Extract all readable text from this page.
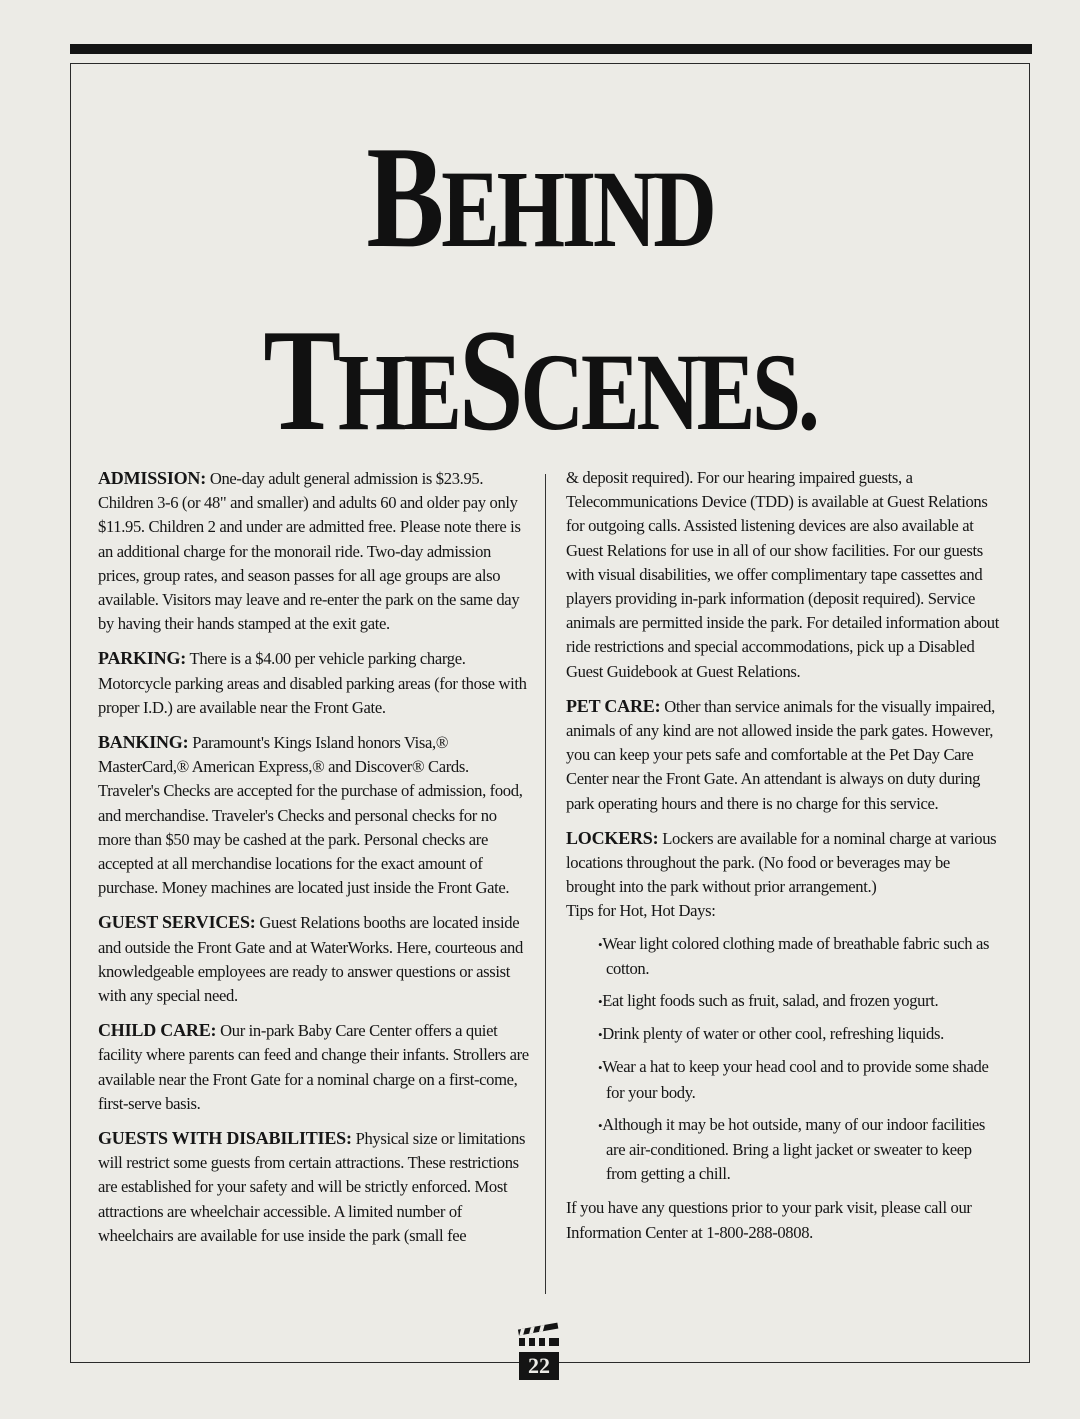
BEHIND
THESCENES.

ADMISSION: One-day adult general admission is $23.95. Children 3-6 (or 48" and smaller) and adults 60 and older pay only $11.95. Children 2 and under are admitted free. Please note there is an additional charge for the monorail ride. Two-day admission prices, group rates, and season passes for all age groups are also available. Visitors may leave and re-enter the park on the same day by having their hands stamped at the exit gate.

PARKING: There is a $4.00 per vehicle parking charge. Motorcycle parking areas and disabled parking areas (for those with proper I.D.) are available near the Front Gate.

BANKING: Paramount's Kings Island honors Visa,® MasterCard,® American Express,® and Discover® Cards. Traveler's Checks are accepted for the purchase of admission, food, and merchandise. Traveler's Checks and personal checks for no more than $50 may be cashed at the park. Personal checks are accepted at all merchandise locations for the exact amount of purchase. Money machines are located just inside the Front Gate.

GUEST SERVICES: Guest Relations booths are located inside and outside the Front Gate and at WaterWorks. Here, courteous and knowledgeable employees are ready to answer questions or assist with any special need.

CHILD CARE: Our in-park Baby Care Center offers a quiet facility where parents can feed and change their infants. Strollers are available near the Front Gate for a nominal charge on a first-come, first-serve basis.

GUESTS WITH DISABILITIES: Physical size or limitations will restrict some guests from certain attractions. These restrictions are established for your safety and will be strictly enforced. Most attractions are wheelchair accessible. A limited number of wheelchairs are available for use inside the park (small fee

& deposit required). For our hearing impaired guests, a Telecommunications Device (TDD) is available at Guest Relations for outgoing calls. Assisted listening devices are also available at Guest Relations for use in all of our show facilities. For our guests with visual disabilities, we offer complimentary tape cassettes and players providing in-park information (deposit required). Service animals are permitted inside the park. For detailed information about ride restrictions and special accommodations, pick up a Disabled Guest Guidebook at Guest Relations.

PET CARE: Other than service animals for the visually impaired, animals of any kind are not allowed inside the park gates. However, you can keep your pets safe and comfortable at the Pet Day Care Center near the Front Gate. An attendant is always on duty during park operating hours and there is no charge for this service.

LOCKERS: Lockers are available for a nominal charge at various locations throughout the park. (No food or beverages may be brought into the park without prior arrangement.)

Tips for Hot, Hot Days:

•Wear light colored clothing made of breathable fabric such as cotton.
•Eat light foods such as fruit, salad, and frozen yogurt.
•Drink plenty of water or other cool, refreshing liquids.
•Wear a hat to keep your head cool and to provide some shade for your body.
•Although it may be hot outside, many of our indoor facilities are air-conditioned. Bring a light jacket or sweater to keep from getting a chill.

If you have any questions prior to your park visit, please call our Information Center at 1-800-288-0808.

22
